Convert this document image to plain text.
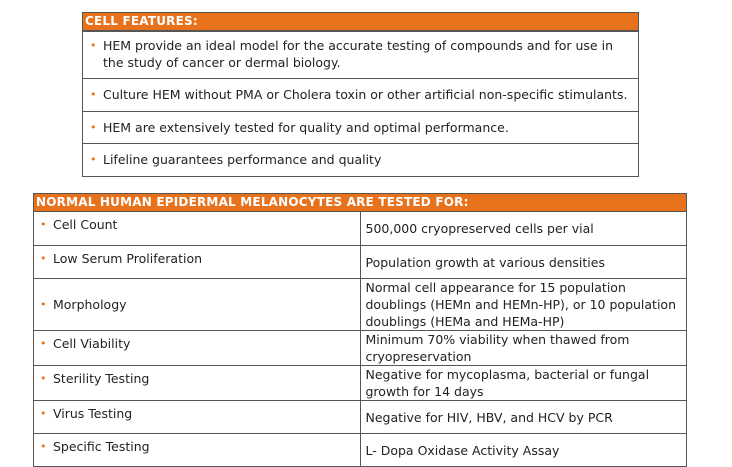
CELL FEATURES:
• HEM provide an ideal model for the accurate testing of compounds and for use in the study of cancer or dermal biology.
• Culture HEM without PMA or Cholera toxin or other artificial non-specific stimulants.
• HEM are extensively tested for quality and optimal performance.
• Lifeline guarantees performance and quality
NORMAL HUMAN EPIDERMAL MELANOCYTES ARE TESTED FOR:	

• Cell Count	500,000 cryopreserved cells per vial

• Low Serum Proliferation	Population growth at various densities

• Morphology	Normal cell appearance for 15 population doublings (HEMn and HEMn-HP), or 10 population doublings (HEMa and HEMa-HP)

• Cell Viability	Minimum 70% viability when thawed from cryopreservation

• Sterility Testing	Negative for mycoplasma, bacterial or fungal growth for 14 days

• Virus Testing	Negative for HIV, HBV, and HCV by PCR

• Specific Testing	L- Dopa Oxidase Activity Assay
